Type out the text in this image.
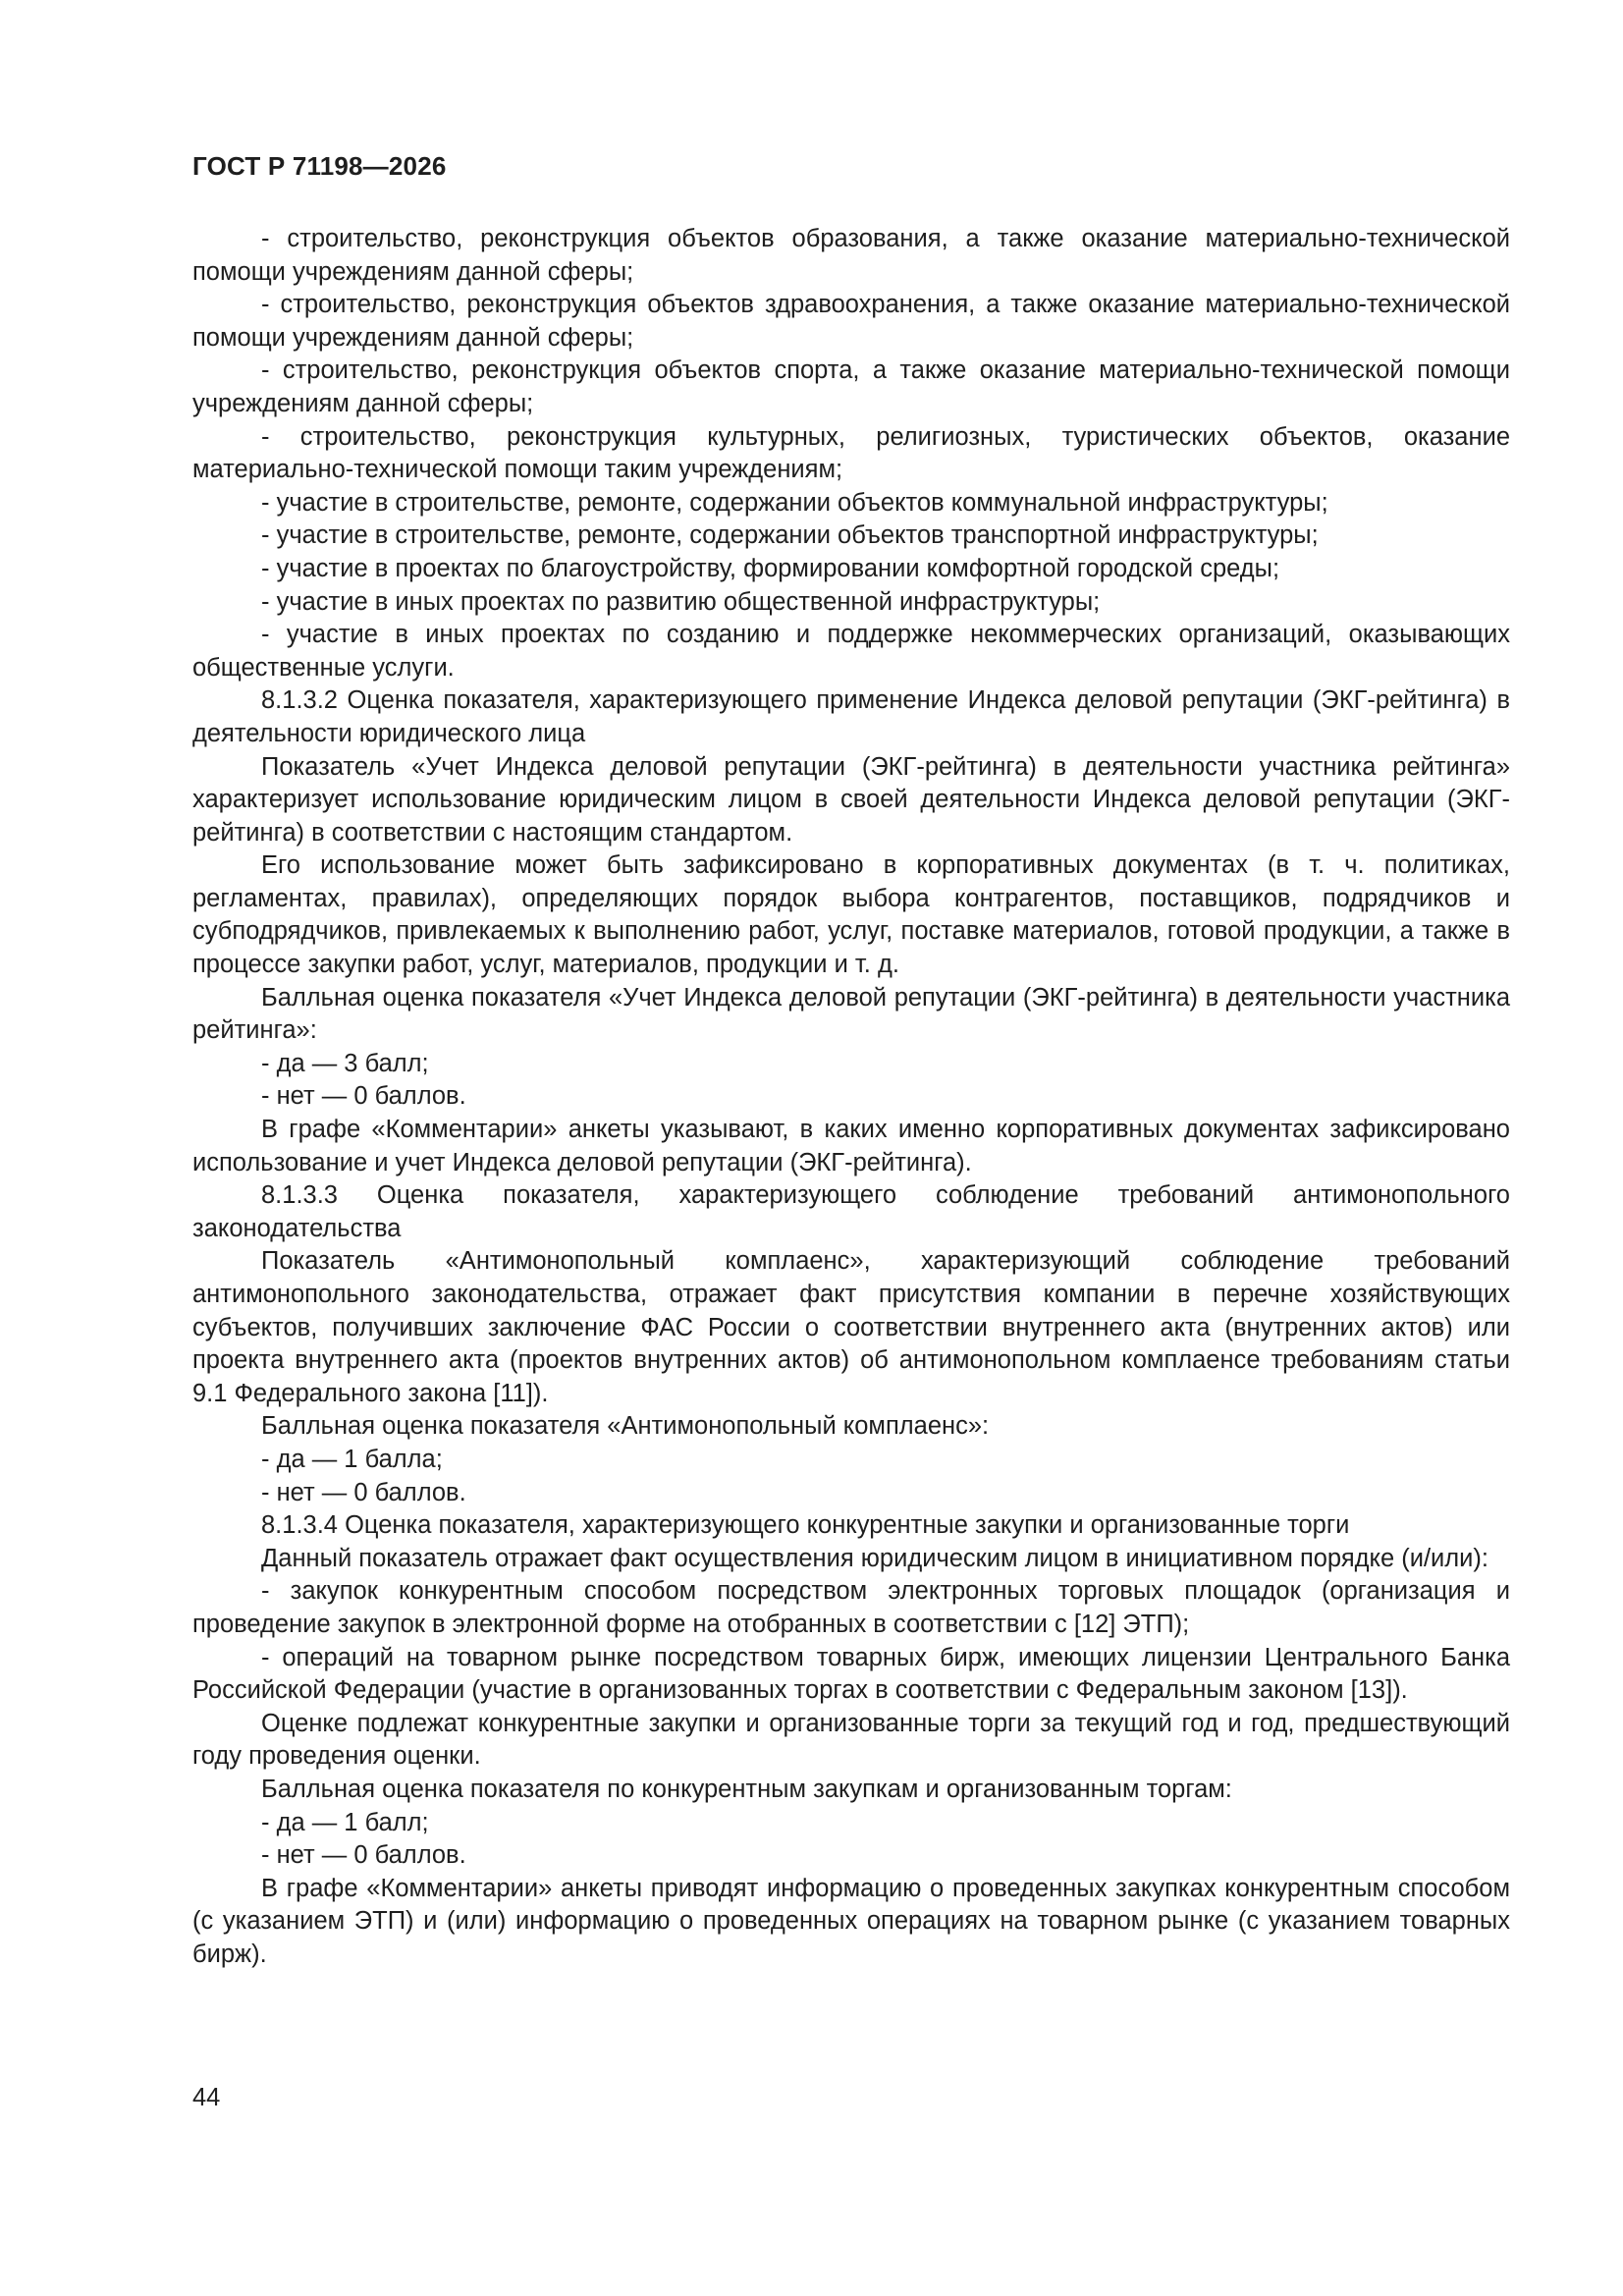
ГОСТ Р 71198—2026

- строительство, реконструкция объектов образования, а также оказание материально-технической помощи учреждениям данной сферы;

- строительство, реконструкция объектов здравоохранения, а также оказание материально-технической помощи учреждениям данной сферы;

- строительство, реконструкция объектов спорта, а также оказание материально-технической помощи учреждениям данной сферы;

- строительство, реконструкция культурных, религиозных, туристических объектов, оказание материально-технической помощи таким учреждениям;

- участие в строительстве, ремонте, содержании объектов коммунальной инфраструктуры;

- участие в строительстве, ремонте, содержании объектов транспортной инфраструктуры;

- участие в проектах по благоустройству, формировании комфортной городской среды;

- участие в иных проектах по развитию общественной инфраструктуры;

- участие в иных проектах по созданию и поддержке некоммерческих организаций, оказывающих общественные услуги.

8.1.3.2 Оценка показателя, характеризующего применение Индекса деловой репутации (ЭКГ-рейтинга) в деятельности юридического лица

Показатель «Учет Индекса деловой репутации (ЭКГ-рейтинга) в деятельности участника рейтинга» характеризует использование юридическим лицом в своей деятельности Индекса деловой репутации (ЭКГ-рейтинга) в соответствии с настоящим стандартом.

Его использование может быть зафиксировано в корпоративных документах (в т. ч. политиках, регламентах, правилах), определяющих порядок выбора контрагентов, поставщиков, подрядчиков и субподрядчиков, привлекаемых к выполнению работ, услуг, поставке материалов, готовой продукции, а также в процессе закупки работ, услуг, материалов, продукции и т. д.

Балльная оценка показателя «Учет Индекса деловой репутации (ЭКГ-рейтинга) в деятельности участника рейтинга»:

- да — 3 балл;

- нет — 0 баллов.

В графе «Комментарии» анкеты указывают, в каких именно корпоративных документах зафиксировано использование и учет Индекса деловой репутации (ЭКГ-рейтинга).

8.1.3.3 Оценка показателя, характеризующего соблюдение требований антимонопольного законодательства

Показатель «Антимонопольный комплаенс», характеризующий соблюдение требований антимонопольного законодательства, отражает факт присутствия компании в перечне хозяйствующих субъектов, получивших заключение ФАС России о соответствии внутреннего акта (внутренних актов) или проекта внутреннего акта (проектов внутренних актов) об антимонопольном комплаенсе требованиям статьи 9.1 Федерального закона [11]).

Балльная оценка показателя «Антимонопольный комплаенс»:

- да — 1 балла;

- нет — 0 баллов.

8.1.3.4 Оценка показателя, характеризующего конкурентные закупки и организованные торги

Данный показатель отражает факт осуществления юридическим лицом в инициативном порядке (и/или):

- закупок конкурентным способом посредством электронных торговых площадок (организация и проведение закупок в электронной форме на отобранных в соответствии с [12] ЭТП);

- операций на товарном рынке посредством товарных бирж, имеющих лицензии Центрального Банка Российской Федерации (участие в организованных торгах в соответствии с Федеральным законом [13]).

Оценке подлежат конкурентные закупки и организованные торги за текущий год и год, предшествующий году проведения оценки.

Балльная оценка показателя по конкурентным закупкам и организованным торгам:

- да — 1 балл;

- нет — 0 баллов.

В графе «Комментарии» анкеты приводят информацию о проведенных закупках конкурентным способом (с указанием ЭТП) и (или) информацию о проведенных операциях на товарном рынке (с указанием товарных бирж).

44
